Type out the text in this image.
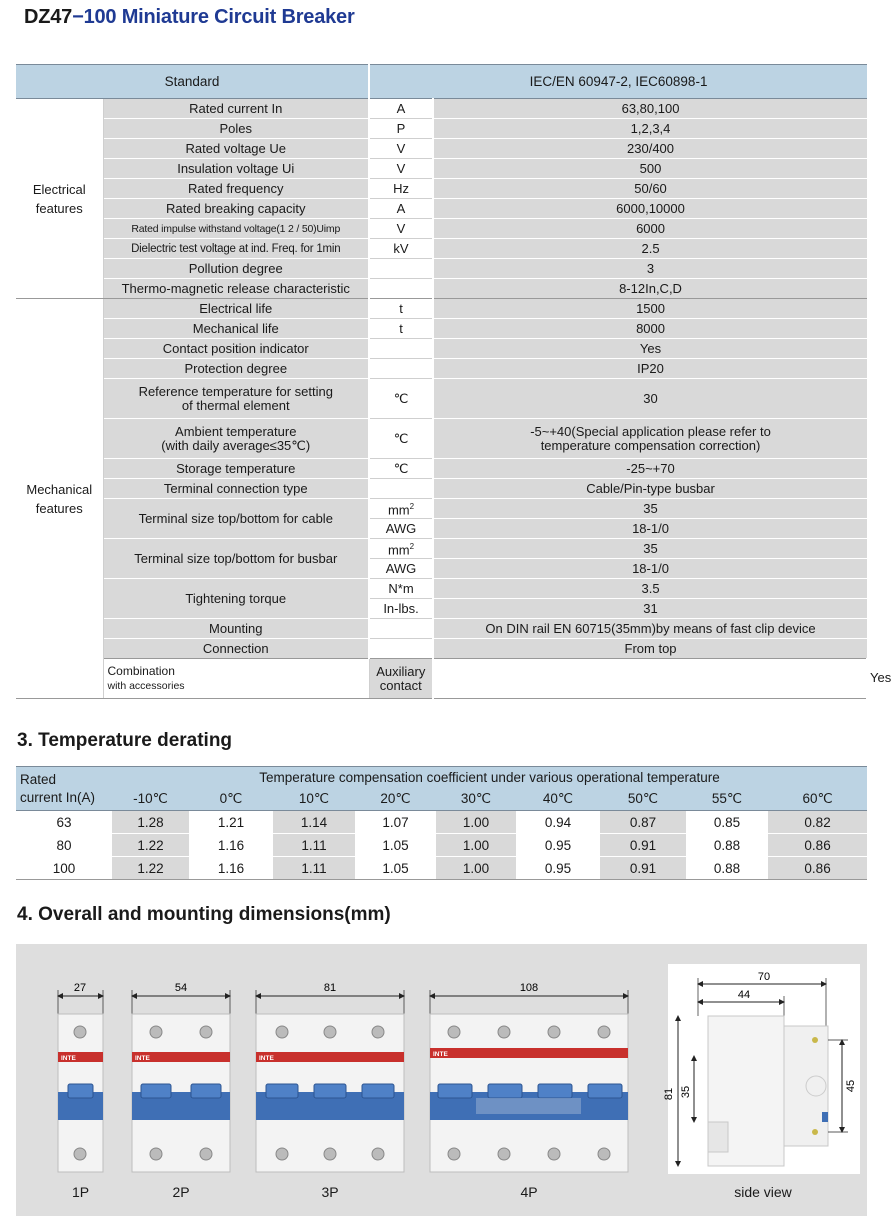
DZ47−100 Miniature Circuit Breaker
Standard		IEC/EN 60947-2, IEC60898-1		
Electrical
features	Rated current In	A	63,80,100	
	Poles	P	1,2,3,4	
	Rated voltage Ue	V	230/400	
	Insulation voltage Ui	V	500	
	Rated frequency	Hz	50/60	
	Rated breaking capacity	A	6000,10000	
	Rated impulse withstand voltage(1 2 / 50)Uimp	V	6000	
	Dielectric test voltage at ind. Freq. for 1min	kV	2.5	
	Pollution degree		3	
	Thermo-magnetic release characteristic		8-12In,C,D	
Mechanical
features	Electrical life	t	1500	
	Mechanical life	t	8000	
	Contact position indicator		Yes	
	Protection degree		IP20	
	Reference temperature for setting
of thermal element	℃	30	
	Ambient temperature
(with daily average≤35℃)	℃	-5~+40(Special application please refer to
temperature compensation correction)	
	Storage temperature	℃	-25~+70	
	Terminal connection type		Cable/Pin-type busbar	
	Terminal size top/bottom for cable	$mm^2$	35	
		AWG	18-1/0	
	Terminal size top/bottom for busbar	$mm^2$	35	
		AWG	18-1/0	
	Tightening torque	N*m	3.5	
		In-lbs.	31	
	Mounting		On DIN rail EN 60715(35mm)by means of fast clip device	
	Connection		From top	
	Combination
with accessories	Auxiliary contact		Yes
3. Temperature derating
Rated
current In(A)	Temperature compensation coefficient under various operational temperature								
	-10℃	0℃	10℃	20℃	30℃	40℃	50℃	55℃	60℃
63	1.28	1.21	1.14	1.07	1.00	0.94	0.87	0.85	0.82
80	1.22	1.16	1.11	1.05	1.00	0.95	0.91	0.88	0.86
100	1.22	1.16	1.11	1.05	1.00	0.95	0.91	0.88	0.86
4. Overall and mounting dimensions(mm)
27
INTE
54
INTE
81
INTE
108
INTE
70
44
81 35	45
1P	2P	3P	4P	side view
